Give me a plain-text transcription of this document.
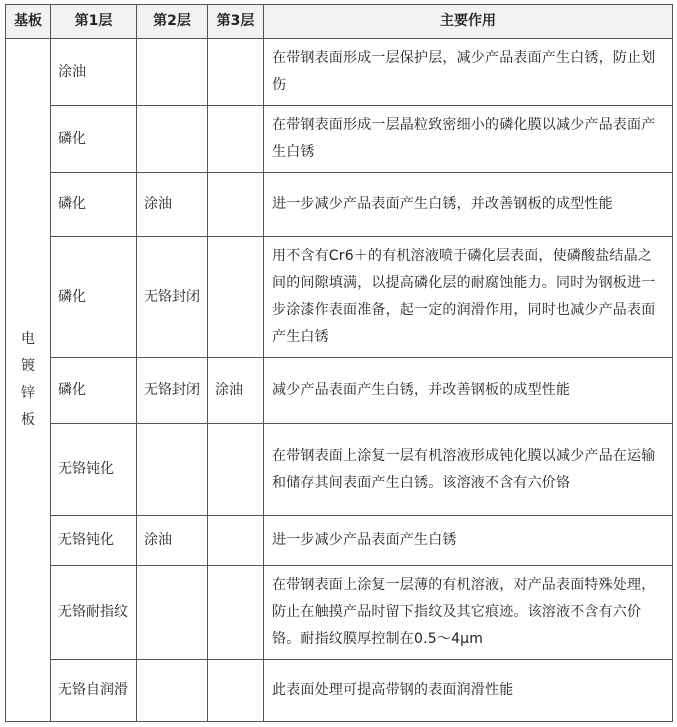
基板	第1层	第2层	第3层	主要作用
电镀锌板	涂油			在带钢表面形成一层保护层，减少产品表面产生白锈，防止划伤
	磷化			在带钢表面形成一层晶粒致密细小的磷化膜以减少产品表面产生白锈
	磷化	涂油		进一步减少产品表面产生白锈，并改善钢板的成型性能
	磷化	无铬封闭		用不含有Cr6＋的有机溶液喷于磷化层表面，使磷酸盐结晶之间的间隙填满，以提高磷化层的耐腐蚀能力。同时为钢板进一步涂漆作表面准备，起一定的润滑作用，同时也减少产品表面产生白锈
	磷化	无铬封闭	涂油	减少产品表面产生白锈，并改善钢板的成型性能
	无铬钝化			在带钢表面上涂复一层有机溶液形成钝化膜以减少产品在运输和储存其间表面产生白锈。该溶液不含有六价铬
	无铬钝化	涂油		进一步减少产品表面产生白锈
	无铬耐指纹			在带钢表面上涂复一层薄的有机溶液，对产品表面特殊处理，防止在触摸产品时留下指纹及其它痕迹。该溶液不含有六价铬。耐指纹膜厚控制在0.5～4μm
	无铬自润滑			此表面处理可提高带钢的表面润滑性能
